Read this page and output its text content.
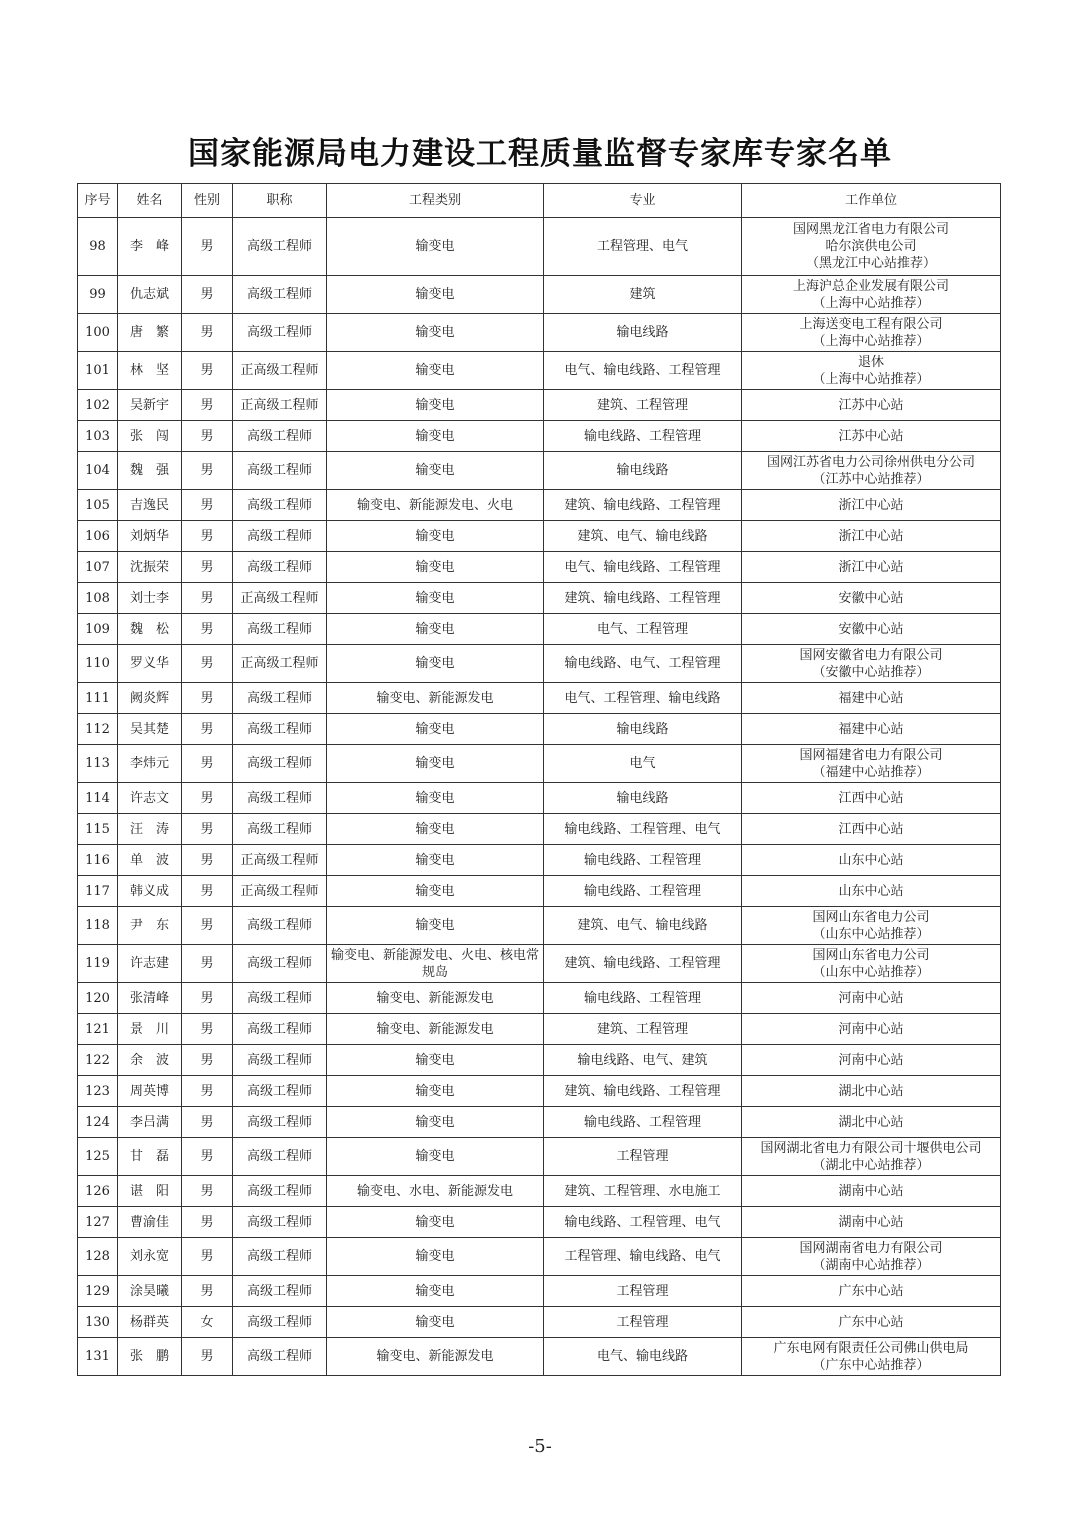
国家能源局电力建设工程质量监督专家库专家名单
序号	姓名	性别	职称	工程类别	专业	工作单位
98	李　峰	男	高级工程师	输变电	工程管理、电气	国网黑龙江省电力有限公司
哈尔滨供电公司
（黑龙江中心站推荐）

99	仇志斌	男	高级工程师	输变电	建筑	上海沪总企业发展有限公司
（上海中心站推荐）

100	唐　繁	男	高级工程师	输变电	输电线路	上海送变电工程有限公司
（上海中心站推荐）

101	林　坚	男	正高级工程师	输变电	电气、输电线路、工程管理	退休
（上海中心站推荐）

102	吴新宇	男	正高级工程师	输变电	建筑、工程管理	江苏中心站

103	张　闯	男	高级工程师	输变电	输电线路、工程管理	江苏中心站

104	魏　强	男	高级工程师	输变电	输电线路	国网江苏省电力公司徐州供电分公司
（江苏中心站推荐）

105	吉逸民	男	高级工程师	输变电、新能源发电、火电	建筑、输电线路、工程管理	浙江中心站

106	刘炳华	男	高级工程师	输变电	建筑、电气、输电线路	浙江中心站

107	沈振荣	男	高级工程师	输变电	电气、输电线路、工程管理	浙江中心站

108	刘士李	男	正高级工程师	输变电	建筑、输电线路、工程管理	安徽中心站

109	魏　松	男	高级工程师	输变电	电气、工程管理	安徽中心站

110	罗义华	男	正高级工程师	输变电	输电线路、电气、工程管理	国网安徽省电力有限公司
（安徽中心站推荐）

111	阙炎辉	男	高级工程师	输变电、新能源发电	电气、工程管理、输电线路	福建中心站

112	吴其楚	男	高级工程师	输变电	输电线路	福建中心站

113	李炜元	男	高级工程师	输变电	电气	国网福建省电力有限公司
（福建中心站推荐）

114	许志文	男	高级工程师	输变电	输电线路	江西中心站

115	汪　涛	男	高级工程师	输变电	输电线路、工程管理、电气	江西中心站

116	单　波	男	正高级工程师	输变电	输电线路、工程管理	山东中心站

117	韩义成	男	正高级工程师	输变电	输电线路、工程管理	山东中心站

118	尹　东	男	高级工程师	输变电	建筑、电气、输电线路	国网山东省电力公司
（山东中心站推荐）

119	许志建	男	高级工程师	输变电、新能源发电、火电、核电常规岛	建筑、输电线路、工程管理	国网山东省电力公司
（山东中心站推荐）

120	张清峰	男	高级工程师	输变电、新能源发电	输电线路、工程管理	河南中心站

121	景　川	男	高级工程师	输变电、新能源发电	建筑、工程管理	河南中心站

122	余　波	男	高级工程师	输变电	输电线路、电气、建筑	河南中心站

123	周英博	男	高级工程师	输变电	建筑、输电线路、工程管理	湖北中心站

124	李吕满	男	高级工程师	输变电	输电线路、工程管理	湖北中心站

125	甘　磊	男	高级工程师	输变电	工程管理	国网湖北省电力有限公司十堰供电公司
（湖北中心站推荐）

126	谌　阳	男	高级工程师	输变电、水电、新能源发电	建筑、工程管理、水电施工	湖南中心站

127	曹渝佳	男	高级工程师	输变电	输电线路、工程管理、电气	湖南中心站

128	刘永宽	男	高级工程师	输变电	工程管理、输电线路、电气	国网湖南省电力有限公司
（湖南中心站推荐）

129	涂昊曦	男	高级工程师	输变电	工程管理	广东中心站

130	杨群英	女	高级工程师	输变电	工程管理	广东中心站

131	张　鹏	男	高级工程师	输变电、新能源发电	电气、输电线路	广东电网有限责任公司佛山供电局
（广东中心站推荐）
-5-
